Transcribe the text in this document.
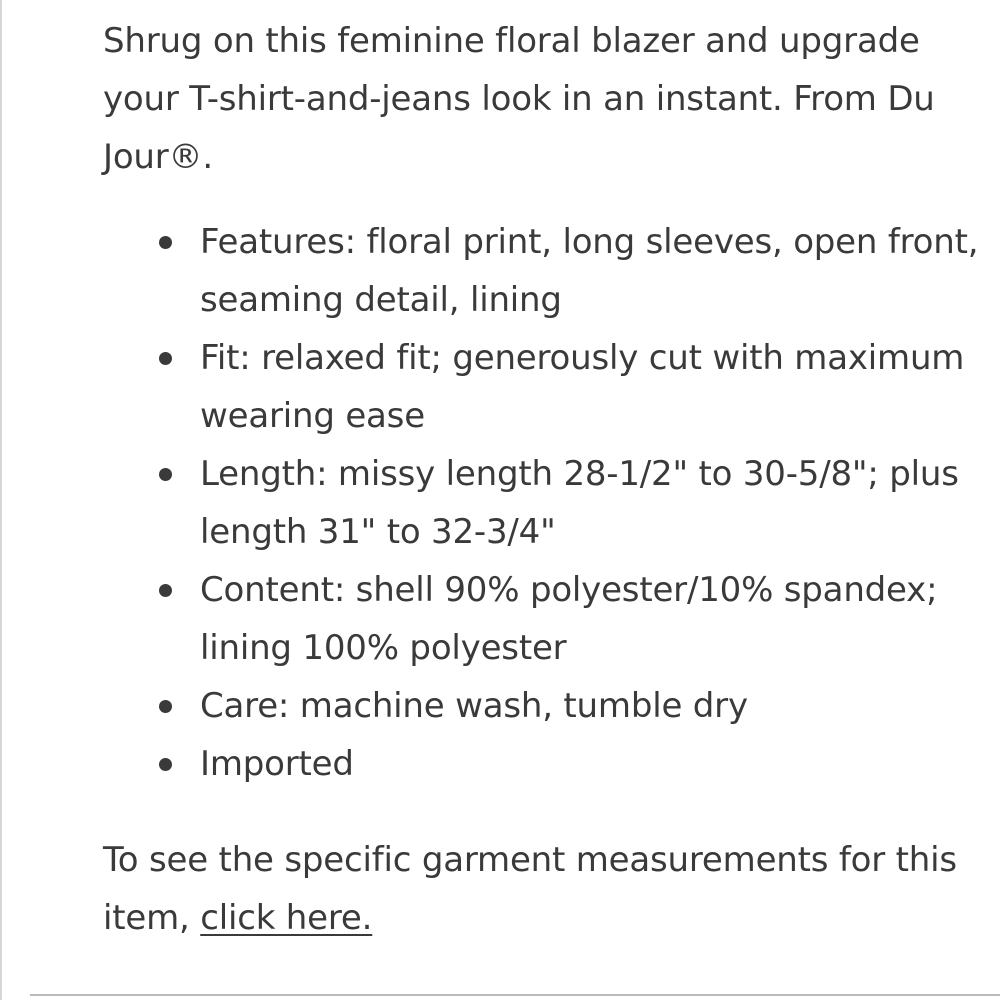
Shrug on this feminine floral blazer and upgrade your T-shirt-and-jeans look in an instant. From Du Jour®.

Features: floral print, long sleeves, open front, seaming detail, lining
Fit: relaxed fit; generously cut with maximum wearing ease
Length: missy length 28-1/2" to 30-5/8"; plus length 31" to 32-3/4"
Content: shell 90% polyester/10% spandex; lining 100% polyester
Care: machine wash, tumble dry
Imported

To see the specific garment measurements for this item, click here.
